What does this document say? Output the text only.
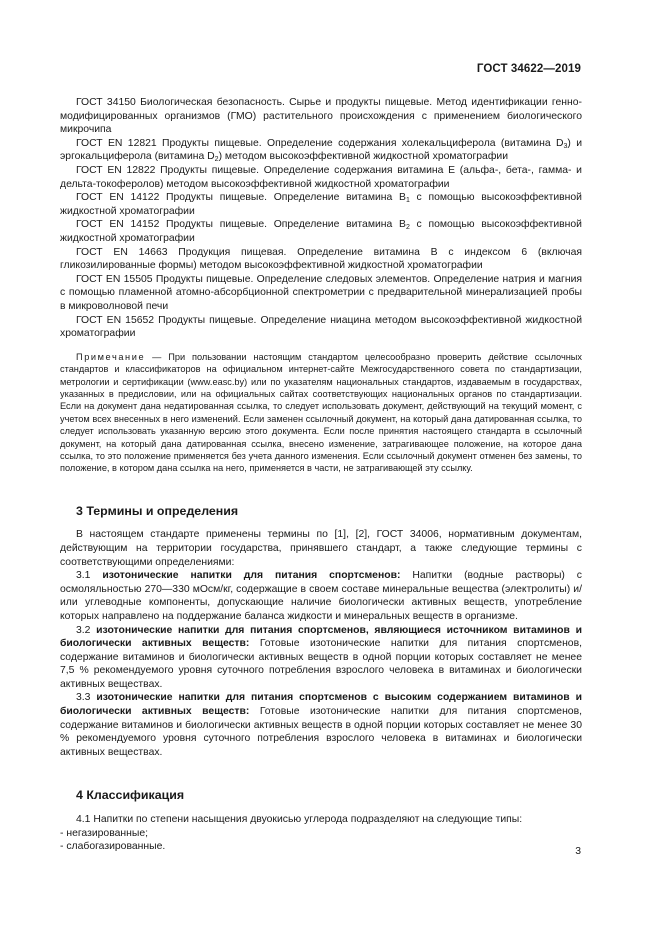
ГОСТ 34622—2019

ГОСТ 34150 Биологическая безопасность. Сырье и продукты пищевые. Метод идентификации генно-модифицированных организмов (ГМО) растительного происхождения с применением биологического микрочипа

ГОСТ EN 12821 Продукты пищевые. Определение содержания холекальциферола (витамина $D_3$) и эргокальциферола (витамина $D_2$) методом высокоэффективной жидкостной хроматографии

ГОСТ EN 12822 Продукты пищевые. Определение содержания витамина Е (альфа-, бета-, гамма- и дельта-токоферолов) методом высокоэффективной жидкостной хроматографии

ГОСТ EN 14122 Продукты пищевые. Определение витамина $В_1$ с помощью высокоэффективной жидкостной хроматографии

ГОСТ EN 14152 Продукты пищевые. Определение витамина $В_2$ с помощью высокоэффективной жидкостной хроматографии

ГОСТ EN 14663 Продукция пищевая. Определение витамина В с индексом 6 (включая гликозилированные формы) методом высокоэффективной жидкостной хроматографии

ГОСТ EN 15505 Продукты пищевые. Определение следовых элементов. Определение натрия и магния с помощью пламенной атомно-абсорбционной спектрометрии с предварительной минерализацией пробы в микроволновой печи

ГОСТ EN 15652 Продукты пищевые. Определение ниацина методом высокоэффективной жидкостной хроматографии

Примечание — При пользовании настоящим стандартом целесообразно проверить действие ссылочных стандартов и классификаторов на официальном интернет-сайте Межгосударственного совета по стандартизации, метрологии и сертификации (www.easc.by) или по указателям национальных стандартов, издаваемым в государствах, указанных в предисловии, или на официальных сайтах соответствующих национальных органов по стандартизации. Если на документ дана недатированная ссылка, то следует использовать документ, действующий на текущий момент, с учетом всех внесенных в него изменений. Если заменен ссылочный документ, на который дана датированная ссылка, то следует использовать указанную версию этого документа. Если после принятия настоящего стандарта в ссылочный документ, на который дана датированная ссылка, внесено изменение, затрагивающее положение, на которое дана ссылка, то это положение применяется без учета данного изменения. Если ссылочный документ отменен без замены, то положение, в котором дана ссылка на него, применяется в части, не затрагивающей эту ссылку.

3 Термины и определения

В настоящем стандарте применены термины по [1], [2], ГОСТ 34006, нормативным документам, действующим на территории государства, принявшего стандарт, а также следующие термины с соответствующими определениями:

3.1 изотонические напитки для питания спортсменов: Напитки (водные растворы) с осмоляльностью 270—330 мОсм/кг, содержащие в своем составе минеральные вещества (электролиты) и/или углеводные компоненты, допускающие наличие биологически активных веществ, употребление которых направлено на поддержание баланса жидкости и минеральных веществ в организме.

3.2 изотонические напитки для питания спортсменов, являющиеся источником витаминов и биологически активных веществ: Готовые изотонические напитки для питания спортсменов, содержание витаминов и биологически активных веществ в одной порции которых составляет не менее 7,5 % рекомендуемого уровня суточного потребления взрослого человека в витаминах и биологически активных веществах.

3.3 изотонические напитки для питания спортсменов с высоким содержанием витаминов и биологически активных веществ: Готовые изотонические напитки для питания спортсменов, содержание витаминов и биологически активных веществ в одной порции которых составляет не менее 30 % рекомендуемого уровня суточного потребления взрослого человека в витаминах и биологически активных веществах.

4 Классификация

4.1 Напитки по степени насыщения двуокисью углерода подразделяют на следующие типы:

- негазированные;

- слабогазированные.	3
